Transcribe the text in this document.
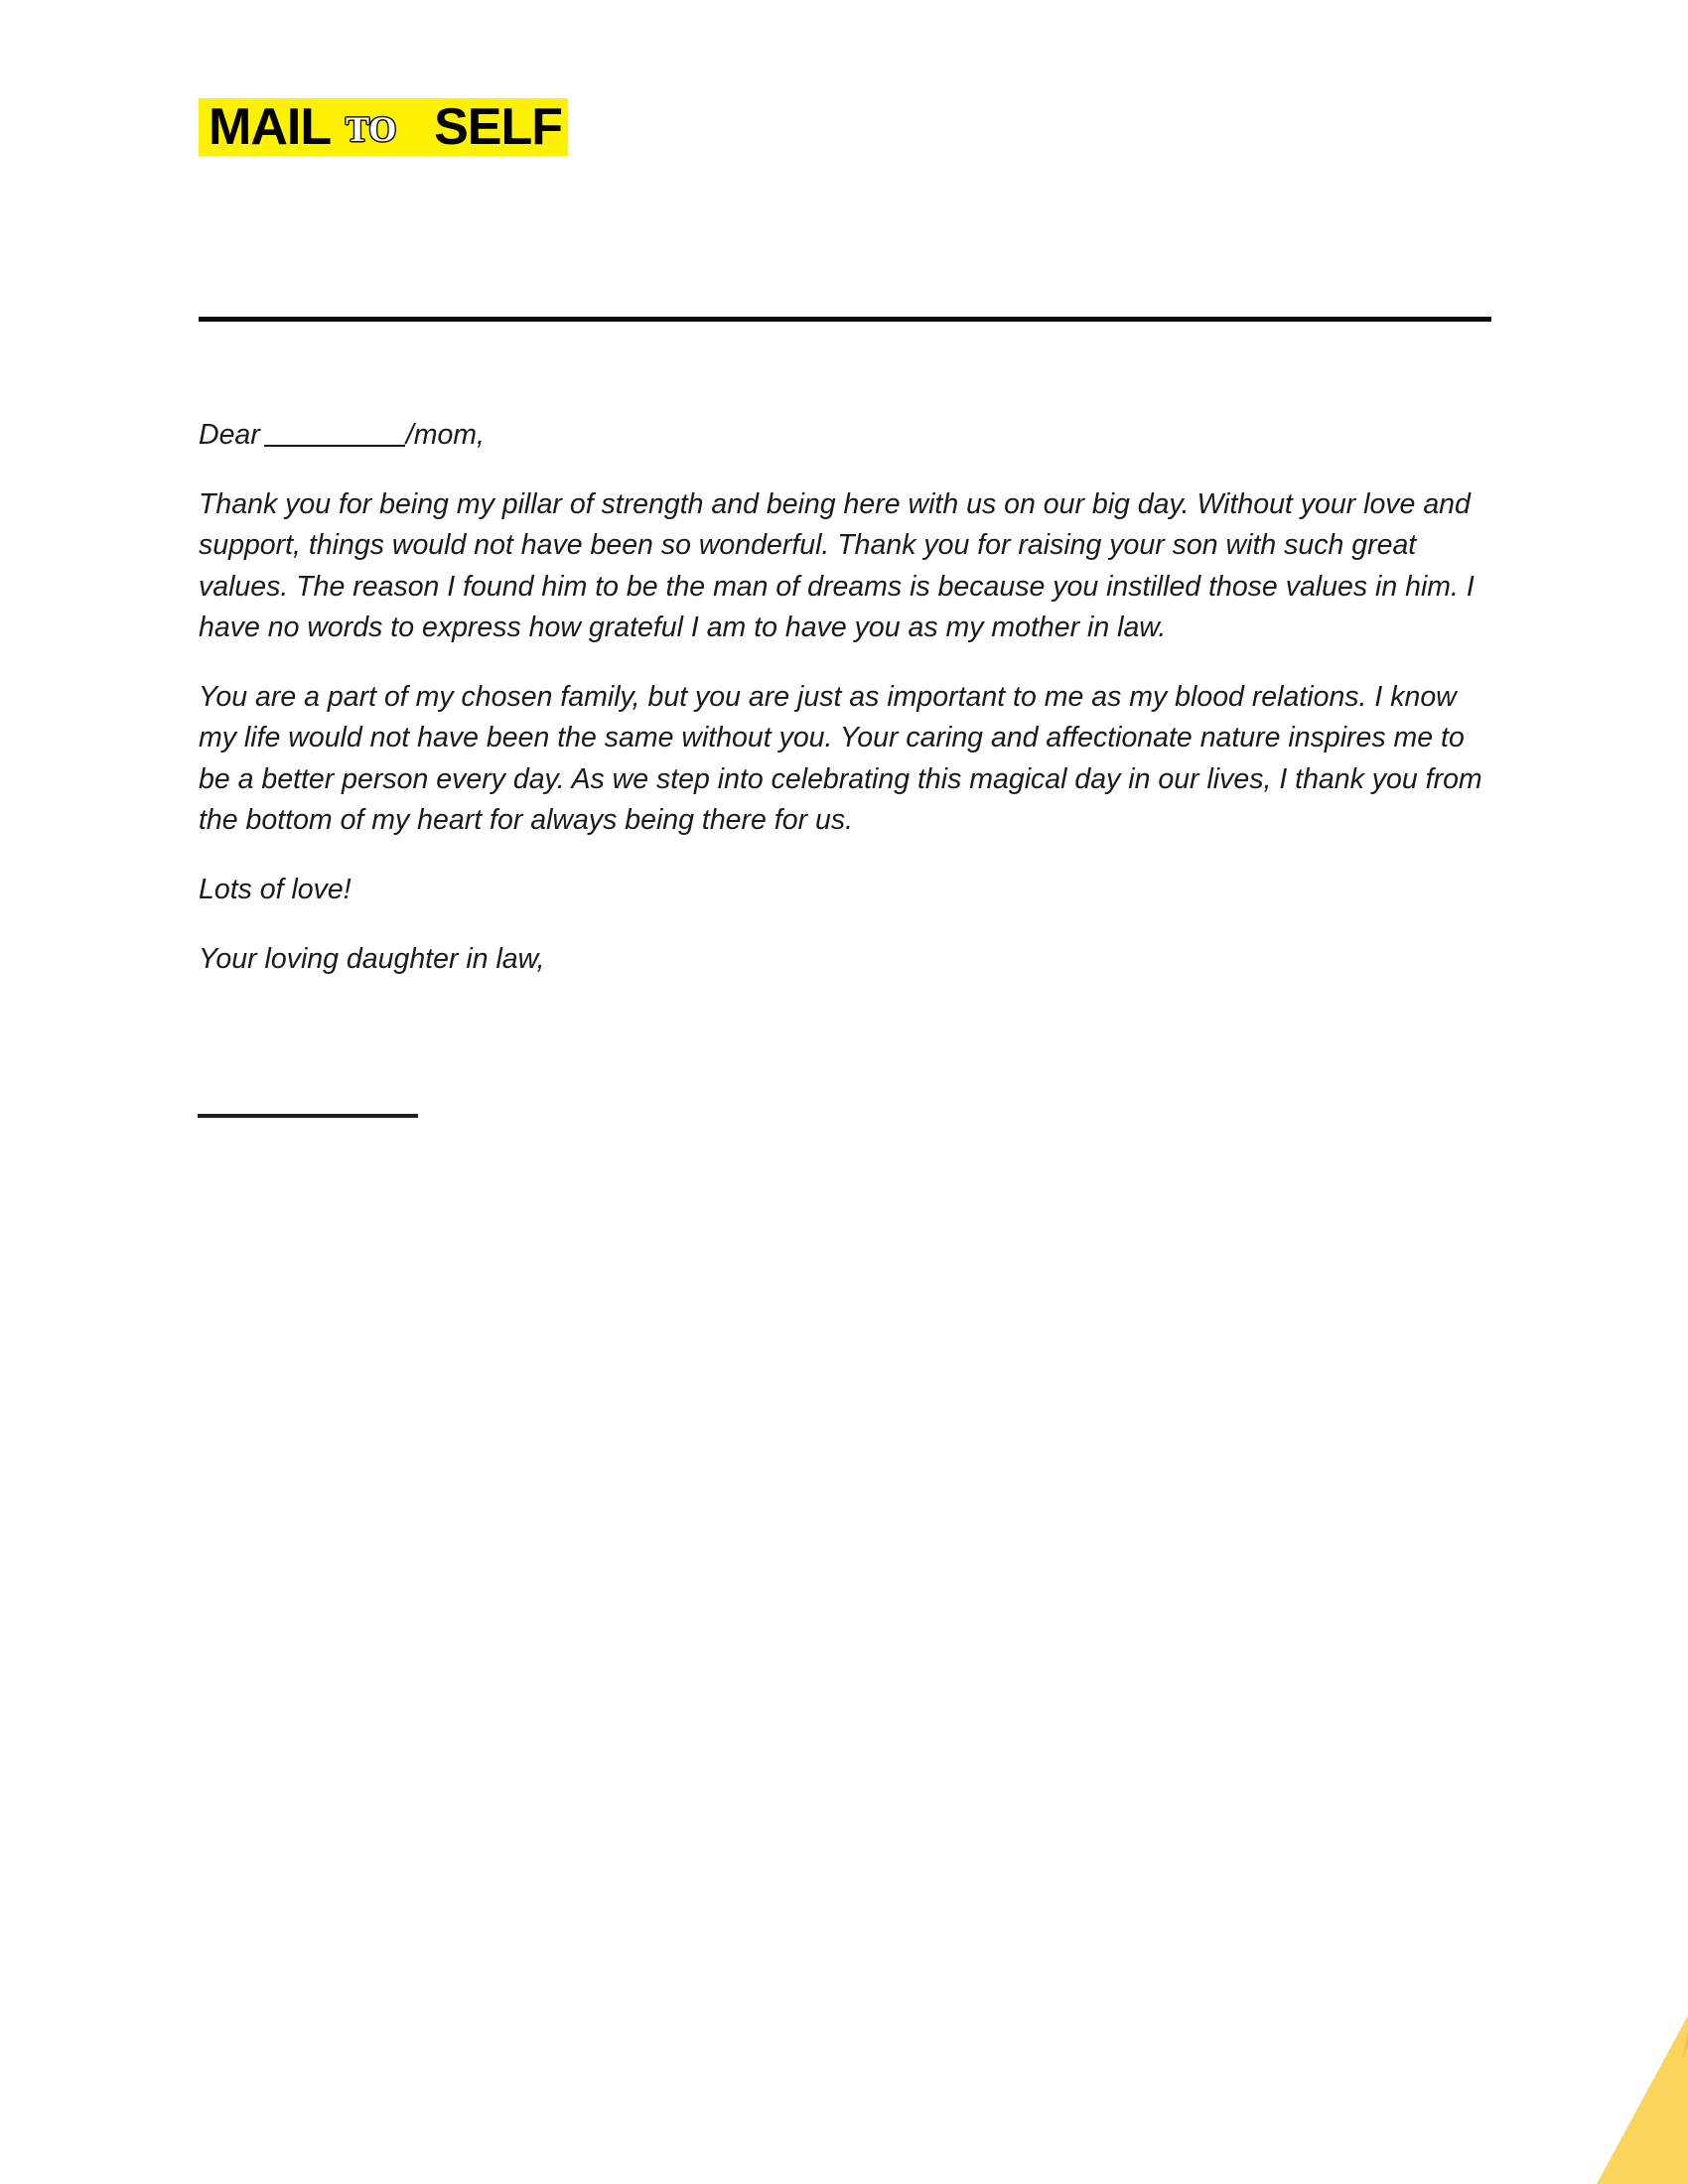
MAIL SELF
TO
Dear	/mom,

Thank you for being my pillar of strength and being here with us on our big day. Without your love and support, things would not have been so wonderful. Thank you for raising your son with such great values. The reason I found him to be the man of dreams is because you instilled those values in him. I have no words to express how grateful I am to have you as my mother in law.

You are a part of my chosen family, but you are just as important to me as my blood relations. I know my life would not have been the same without you. Your caring and affectionate nature inspires me to be a better person every day. As we step into celebrating this magical day in our lives, I thank you from the bottom of my heart for always being there for us.

Lots of love!

Your loving daughter in law,
